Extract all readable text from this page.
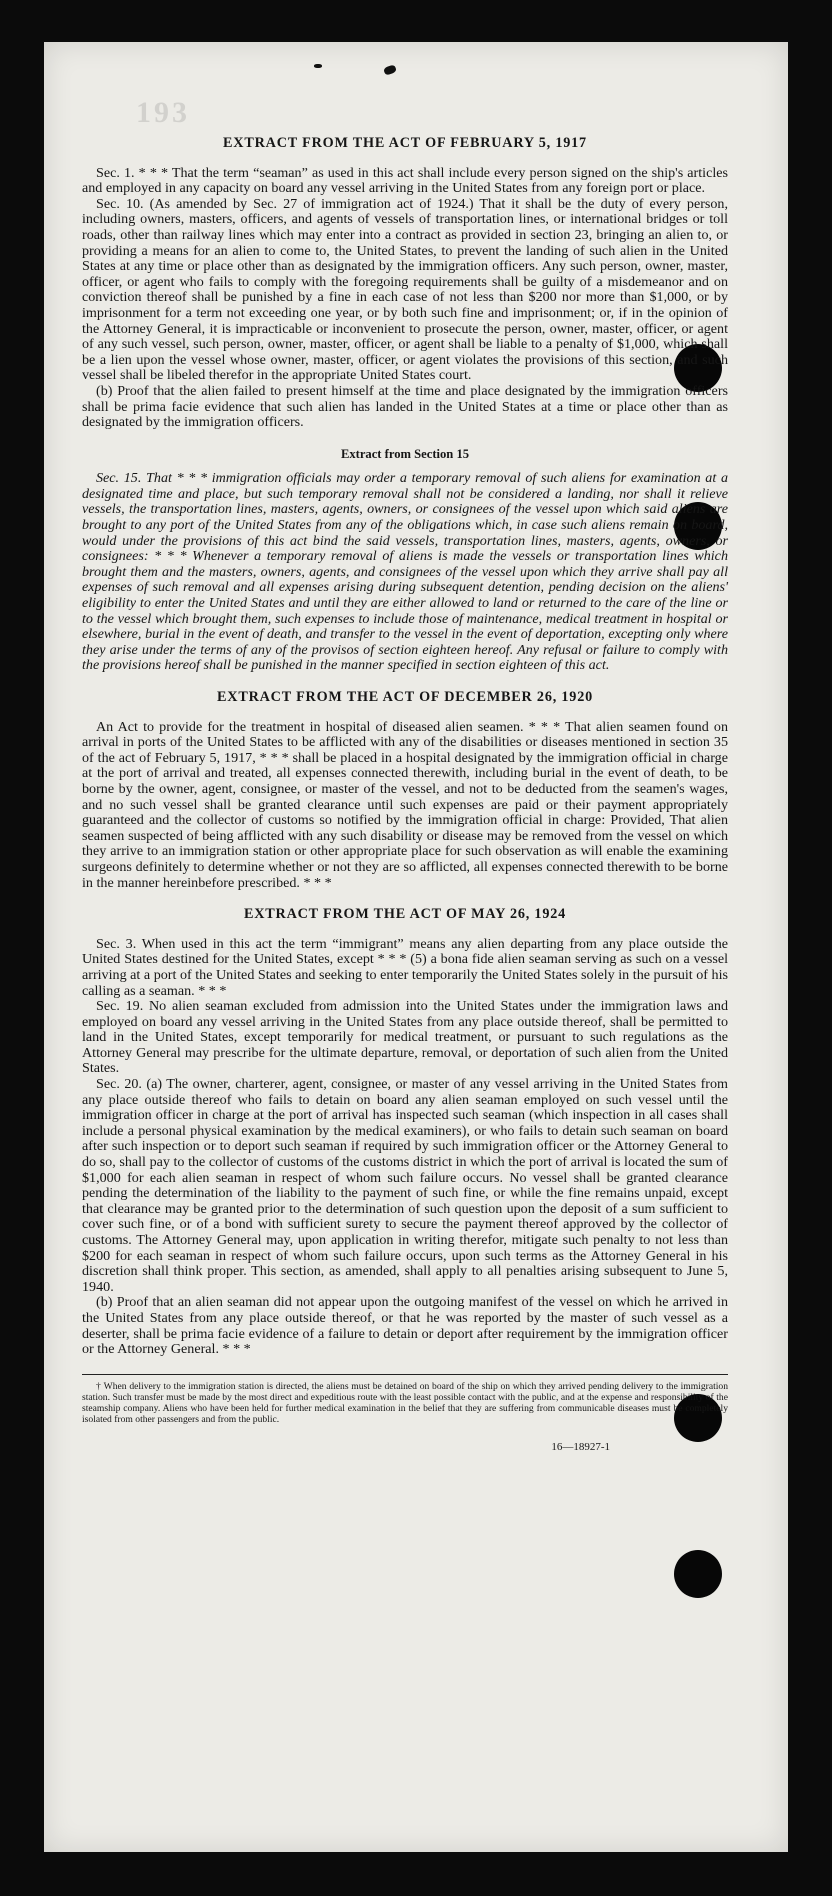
193
EXTRACT FROM THE ACT OF FEBRUARY 5, 1917

Sec. 1. * * * That the term “seaman” as used in this act shall include every person signed on the ship's articles and employed in any capacity on board any vessel arriving in the United States from any foreign port or place.

Sec. 10. (As amended by Sec. 27 of immigration act of 1924.) That it shall be the duty of every person, including owners, masters, officers, and agents of vessels of transportation lines, or international bridges or toll roads, other than railway lines which may enter into a contract as provided in section 23, bringing an alien to, or providing a means for an alien to come to, the United States, to prevent the landing of such alien in the United States at any time or place other than as designated by the immigration officers. Any such person, owner, master, officer, or agent who fails to comply with the foregoing requirements shall be guilty of a misdemeanor and on conviction thereof shall be punished by a fine in each case of not less than $200 nor more than $1,000, or by imprisonment for a term not exceeding one year, or by both such fine and imprisonment; or, if in the opinion of the Attorney General, it is impracticable or inconvenient to prosecute the person, owner, master, officer, or agent of any such vessel, such person, owner, master, officer, or agent shall be liable to a penalty of $1,000, which shall be a lien upon the vessel whose owner, master, officer, or agent violates the provisions of this section, and such vessel shall be libeled therefor in the appropriate United States court.

(b) Proof that the alien failed to present himself at the time and place designated by the immigration officers shall be prima facie evidence that such alien has landed in the United States at a time or place other than as designated by the immigration officers.

Extract from Section 15

Sec. 15. That * * * immigration officials may order a temporary removal of such aliens for examination at a designated time and place, but such temporary removal shall not be considered a landing, nor shall it relieve vessels, the transportation lines, masters, agents, owners, or consignees of the vessel upon which said aliens are brought to any port of the United States from any of the obligations which, in case such aliens remain on board, would under the provisions of this act bind the said vessels, transportation lines, masters, agents, owners, or consignees: * * * Whenever a temporary removal of aliens is made the vessels or transportation lines which brought them and the masters, owners, agents, and consignees of the vessel upon which they arrive shall pay all expenses of such removal and all expenses arising during subsequent detention, pending decision on the aliens' eligibility to enter the United States and until they are either allowed to land or returned to the care of the line or to the vessel which brought them, such expenses to include those of maintenance, medical treatment in hospital or elsewhere, burial in the event of death, and transfer to the vessel in the event of deportation, excepting only where they arise under the terms of any of the provisos of section eighteen hereof. Any refusal or failure to comply with the provisions hereof shall be punished in the manner specified in section eighteen of this act.

EXTRACT FROM THE ACT OF DECEMBER 26, 1920

An Act to provide for the treatment in hospital of diseased alien seamen. * * * That alien seamen found on arrival in ports of the United States to be afflicted with any of the disabilities or diseases mentioned in section 35 of the act of February 5, 1917, * * * shall be placed in a hospital designated by the immigration official in charge at the port of arrival and treated, all expenses connected therewith, including burial in the event of death, to be borne by the owner, agent, consignee, or master of the vessel, and not to be deducted from the seamen's wages, and no such vessel shall be granted clearance until such expenses are paid or their payment appropriately guaranteed and the collector of customs so notified by the immigration official in charge: Provided, That alien seamen suspected of being afflicted with any such disability or disease may be removed from the vessel on which they arrive to an immigration station or other appropriate place for such observation as will enable the examining surgeons definitely to determine whether or not they are so afflicted, all expenses connected therewith to be borne in the manner hereinbefore prescribed. * * *

EXTRACT FROM THE ACT OF MAY 26, 1924

Sec. 3. When used in this act the term “immigrant” means any alien departing from any place outside the United States destined for the United States, except * * * (5) a bona fide alien seaman serving as such on a vessel arriving at a port of the United States and seeking to enter temporarily the United States solely in the pursuit of his calling as a seaman. * * *

Sec. 19. No alien seaman excluded from admission into the United States under the immigration laws and employed on board any vessel arriving in the United States from any place outside thereof, shall be permitted to land in the United States, except temporarily for medical treatment, or pursuant to such regulations as the Attorney General may prescribe for the ultimate departure, removal, or deportation of such alien from the United States.

Sec. 20. (a) The owner, charterer, agent, consignee, or master of any vessel arriving in the United States from any place outside thereof who fails to detain on board any alien seaman employed on such vessel until the immigration officer in charge at the port of arrival has inspected such seaman (which inspection in all cases shall include a personal physical examination by the medical examiners), or who fails to detain such seaman on board after such inspection or to deport such seaman if required by such immigration officer or the Attorney General to do so, shall pay to the collector of customs of the customs district in which the port of arrival is located the sum of $1,000 for each alien seaman in respect of whom such failure occurs. No vessel shall be granted clearance pending the determination of the liability to the payment of such fine, or while the fine remains unpaid, except that clearance may be granted prior to the determination of such question upon the deposit of a sum sufficient to cover such fine, or of a bond with sufficient surety to secure the payment thereof approved by the collector of customs. The Attorney General may, upon application in writing therefor, mitigate such penalty to not less than $200 for each seaman in respect of whom such failure occurs, upon such terms as the Attorney General in his discretion shall think proper. This section, as amended, shall apply to all penalties arising subsequent to June 5, 1940.

(b) Proof that an alien seaman did not appear upon the outgoing manifest of the vessel on which he arrived in the United States from any place outside thereof, or that he was reported by the master of such vessel as a deserter, shall be prima facie evidence of a failure to detain or deport after requirement by the immigration officer or the Attorney General. * * *

† When delivery to the immigration station is directed, the aliens must be detained on board of the ship on which they arrived pending delivery to the immigration station. Such transfer must be made by the most direct and expeditious route with the least possible contact with the public, and at the expense and responsibility of the steamship company. Aliens who have been held for further medical examination in the belief that they are suffering from communicable diseases must be completely isolated from other passengers and from the public.

16—18927-1
